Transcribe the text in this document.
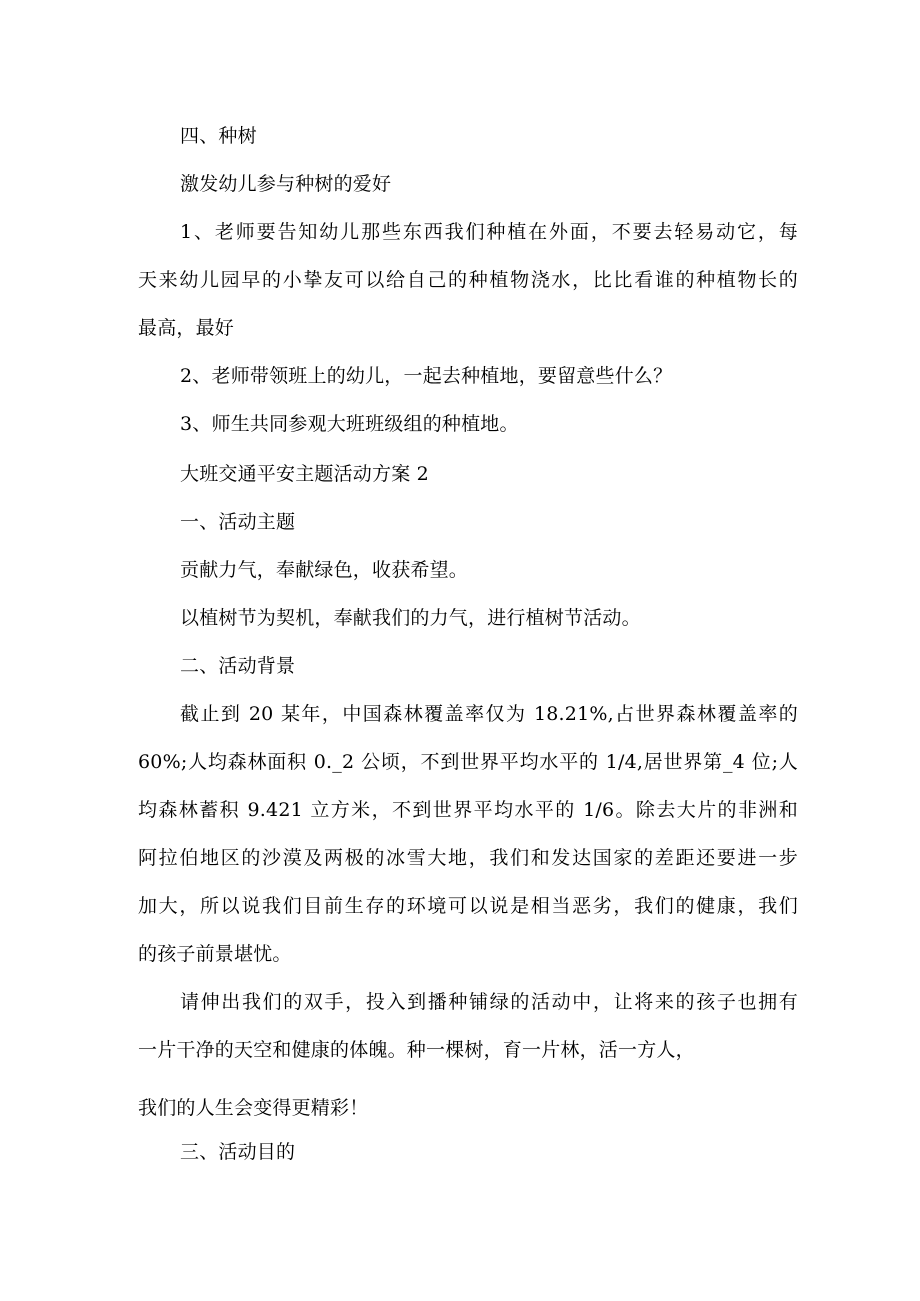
四、种树
激发幼儿参与种树的爱好
1、老师要告知幼儿那些东西我们种植在外面，不要去轻易动它，每
天来幼儿园早的小挚友可以给自己的种植物浇水，比比看谁的种植物长的
最高，最好
2、老师带领班上的幼儿，一起去种植地，要留意些什么？
3、师生共同参观大班班级组的种植地。
大班交通平安主题活动方案 2
一、活动主题
贡献力气，奉献绿色，收获希望。
以植树节为契机，奉献我们的力气，进行植树节活动。
二、活动背景
截止到 20 某年，中国森林覆盖率仅为 18.21%,占世界森林覆盖率的
60%;人均森林面积 0._2 公顷，不到世界平均水平的 1/4,居世界第_4 位;人
均森林蓄积 9.421 立方米，不到世界平均水平的 1/6。除去大片的非洲和
阿拉伯地区的沙漠及两极的冰雪大地，我们和发达国家的差距还要进一步
加大，所以说我们目前生存的环境可以说是相当恶劣，我们的健康，我们
的孩子前景堪忧。
请伸出我们的双手，投入到播种铺绿的活动中，让将来的孩子也拥有
一片干净的天空和健康的体魄。种一棵树，育一片林，活一方人，
我们的人生会变得更精彩！
三、活动目的
